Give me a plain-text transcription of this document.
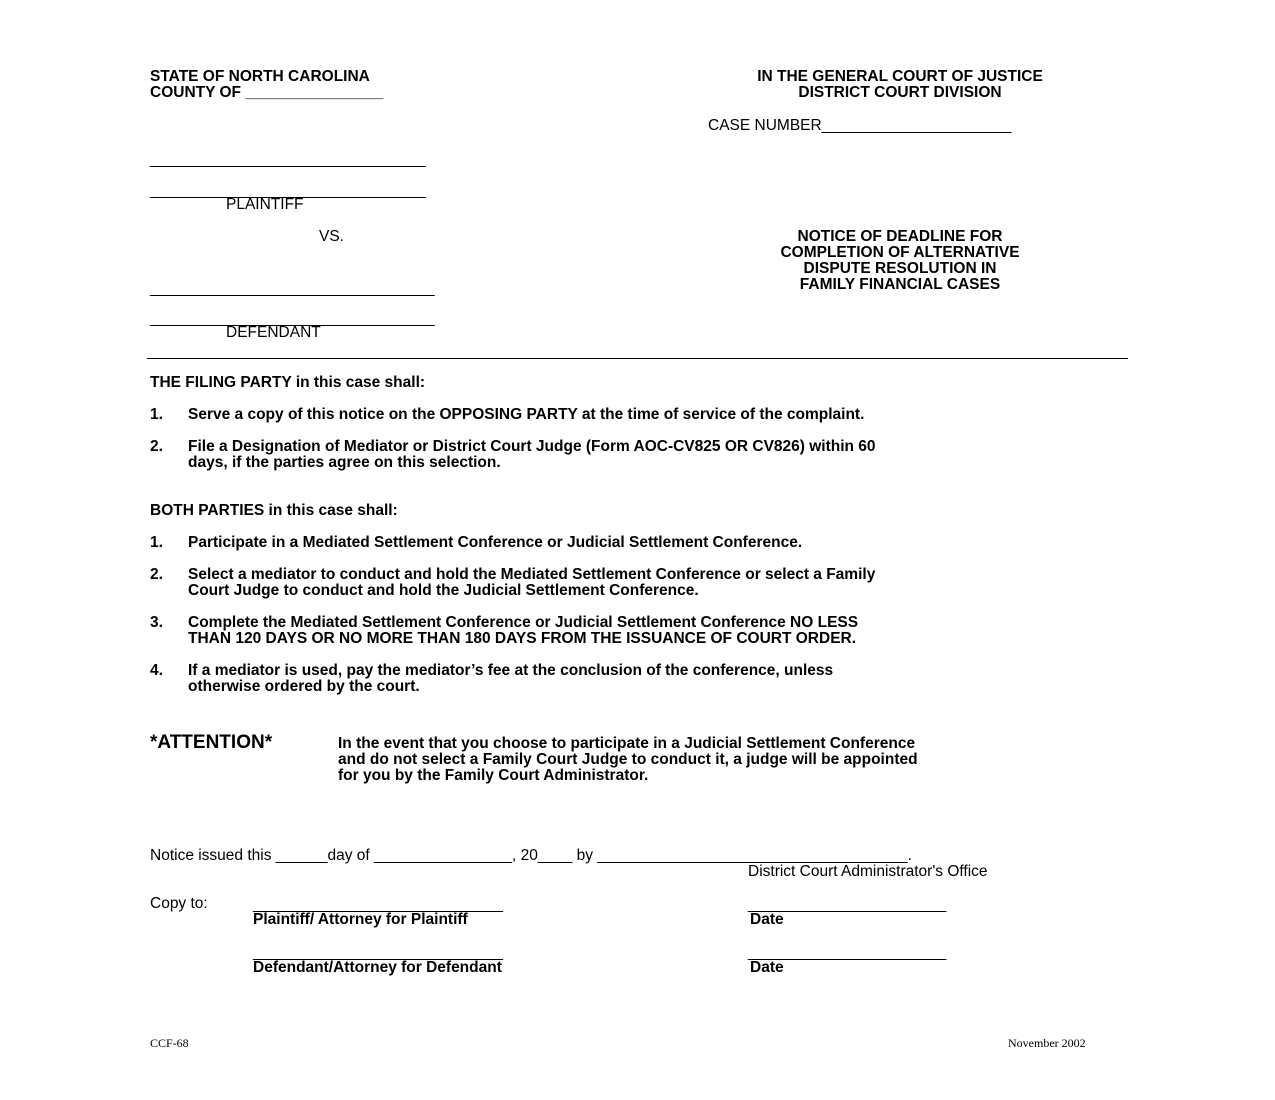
STATE OF NORTH CAROLINA
COUNTY OF ________________
IN THE GENERAL COURT OF JUSTICE
DISTRICT COURT DIVISION
CASE NUMBER______________________
________________________________
________________________________
PLAINTIFF
VS.
_________________________________
_________________________________
DEFENDANT
NOTICE OF DEADLINE FOR
COMPLETION OF ALTERNATIVE
DISPUTE RESOLUTION IN
FAMILY FINANCIAL CASES
THE FILING PARTY in this case shall:
1. Serve a copy of this notice on the OPPOSING PARTY at the time of service of the complaint.
2. File a Designation of Mediator or District Court Judge (Form AOC-CV825 OR CV826) within 60
days, if the parties agree on this selection.
BOTH PARTIES in this case shall:
1. Participate in a Mediated Settlement Conference or Judicial Settlement Conference.
2. Select a mediator to conduct and hold the Mediated Settlement Conference or select a Family
Court Judge to conduct and hold the Judicial Settlement Conference.
3. Complete the Mediated Settlement Conference or Judicial Settlement Conference NO LESS
THAN 120 DAYS OR NO MORE THAN 180 DAYS FROM THE ISSUANCE OF COURT ORDER.
4. If a mediator is used, pay the mediator’s fee at the conclusion of the conference, unless
otherwise ordered by the court.
*ATTENTION*	In the event that you choose to participate in a Judicial Settlement Conference
and do not select a Family Court Judge to conduct it, a judge will be appointed
for you by the Family Court Administrator.
Notice issued this ______day of ________________, 20____ by ____________________________________.
District Court Administrator's Office
Copy to:	_____________________________
Plaintiff/ Attorney for Plaintiff
_______________________
Date
_____________________________
Defendant/Attorney for Defendant
_______________________
Date
CCF-68	November 2002
